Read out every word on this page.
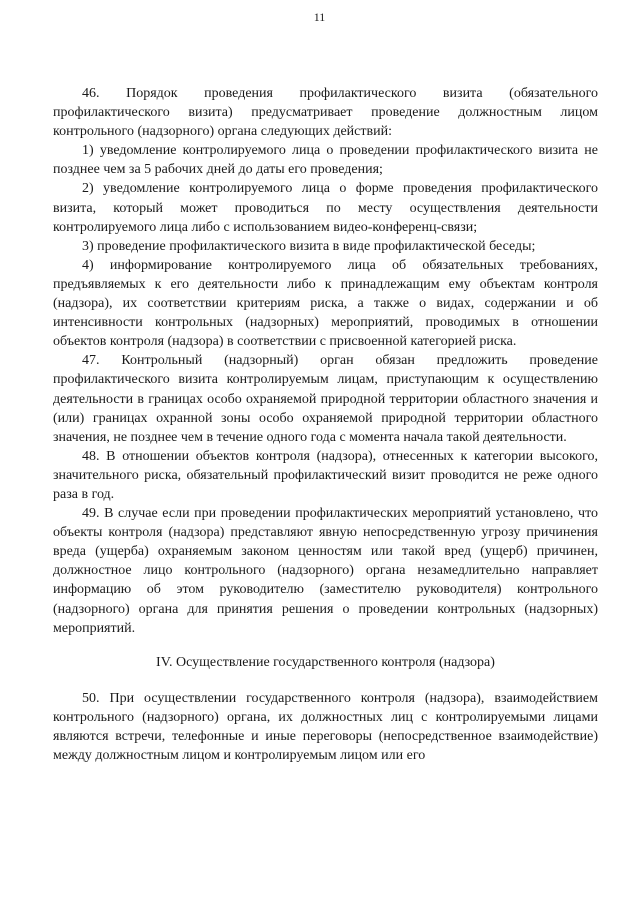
11

46. Порядок проведения профилактического визита (обязательного профилактического визита) предусматривает проведение должностным лицом контрольного (надзорного) органа следующих действий:

1) уведомление контролируемого лица о проведении профилактического визита не позднее чем за 5 рабочих дней до даты его проведения;

2) уведомление контролируемого лица о форме проведения профилактического визита, который может проводиться по месту осуществления деятельности контролируемого лица либо с использованием видео-конференц-связи;

3) проведение профилактического визита в виде профилактической беседы;

4) информирование контролируемого лица об обязательных требованиях, предъявляемых к его деятельности либо к принадлежащим ему объектам контроля (надзора), их соответствии критериям риска, а также о видах, содержании и об интенсивности контрольных (надзорных) мероприятий, проводимых в отношении объектов контроля (надзора) в соответствии с присвоенной категорией риска.

47. Контрольный (надзорный) орган обязан предложить проведение профилактического визита контролируемым лицам, приступающим к осуществлению деятельности в границах особо охраняемой природной территории областного значения и (или) границах охранной зоны особо охраняемой природной территории областного значения, не позднее чем в течение одного года с момента начала такой деятельности.

48. В отношении объектов контроля (надзора), отнесенных к категории высокого, значительного риска, обязательный профилактический визит проводится не реже одного раза в год.

49. В случае если при проведении профилактических мероприятий установлено, что объекты контроля (надзора) представляют явную непосредственную угрозу причинения вреда (ущерба) охраняемым законом ценностям или такой вред (ущерб) причинен, должностное лицо контрольного (надзорного) органа незамедлительно направляет информацию об этом руководителю (заместителю руководителя) контрольного (надзорного) органа для принятия решения о проведении контрольных (надзорных) мероприятий.

IV. Осуществление государственного контроля (надзора)

50. При осуществлении государственного контроля (надзора), взаимодействием контрольного (надзорного) органа, их должностных лиц с контролируемыми лицами являются встречи, телефонные и иные переговоры (непосредственное взаимодействие) между должностным лицом и контролируемым лицом или его
